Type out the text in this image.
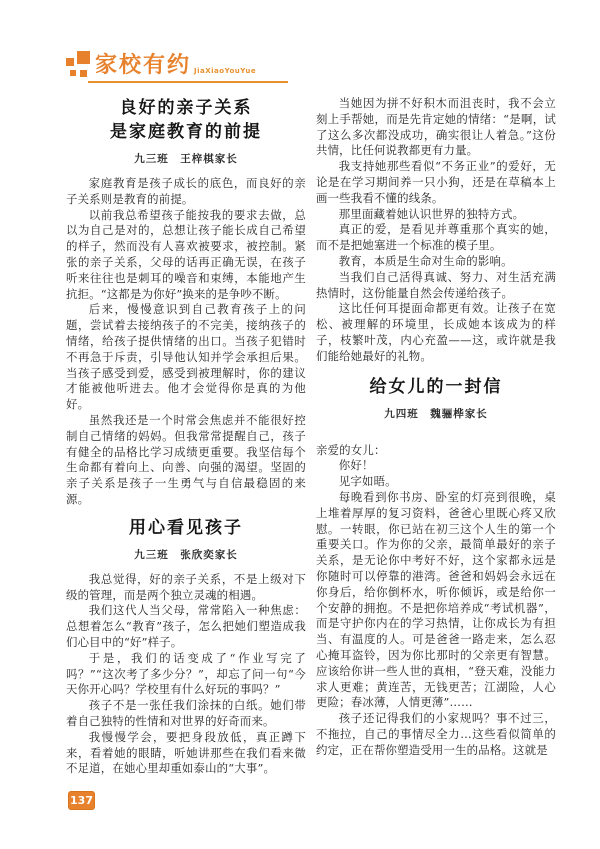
家校有约 JiaXiaoYouYue
良好的亲子关系
是家庭教育的前提
九三班　王梓棋家长

家庭教育是孩子成长的底色，而良好的亲子关系则是教育的前提。

以前我总希望孩子能按我的要求去做，总以为自己是对的，总想让孩子能长成自己希望的样子，然而没有人喜欢被要求，被控制。紧张的亲子关系，父母的话再正确无误，在孩子听来往往也是刺耳的噪音和束缚，本能地产生抗拒。“这都是为你好”换来的是争吵不断。

后来，慢慢意识到自己教育孩子上的问题，尝试着去接纳孩子的不完美，接纳孩子的情绪，给孩子提供情绪的出口。当孩子犯错时不再急于斥责，引导他认知并学会承担后果。当孩子感受到爱，感受到被理解时，你的建议才能被他听进去。他才会觉得你是真的为他好。

虽然我还是一个时常会焦虑并不能很好控制自己情绪的妈妈。但我常常提醒自己，孩子有健全的品格比学习成绩更重要。我坚信每个生命都有着向上、向善、向强的渴望。坚固的亲子关系是孩子一生勇气与自信最稳固的来源。

用心看见孩子
九三班　张欣奕家长

我总觉得，好的亲子关系，不是上级对下级的管理，而是两个独立灵魂的相遇。

我们这代人当父母，常常陷入一种焦虑：总想着怎么“教育”孩子，怎么把她们塑造成我们心目中的“好”样子。

于是，我们的话变成了“作业写完了吗？”“这次考了多少分？”，却忘了问一句“今天你开心吗？学校里有什么好玩的事吗？”

孩子不是一张任我们涂抹的白纸。她们带着自己独特的性情和对世界的好奇而来。

我慢慢学会，要把身段放低，真正蹲下来，看着她的眼睛，听她讲那些在我们看来微不足道，在她心里却重如泰山的“大事”。

当她因为拼不好积木而沮丧时，我不会立刻上手帮她，而是先肯定她的情绪：“是啊，试了这么多次都没成功，确实很让人着急。”这份共情，比任何说教都更有力量。

我支持她那些看似“不务正业”的爱好，无论是在学习期间养一只小狗，还是在草稿本上画一些我看不懂的线条。

那里面藏着她认识世界的独特方式。

真正的爱，是看见并尊重那个真实的她，而不是把她塞进一个标准的模子里。

教育，本质是生命对生命的影响。

当我们自己活得真诚、努力、对生活充满热情时，这份能量自然会传递给孩子。

这比任何耳提面命都更有效。让孩子在宽松、被理解的环境里，长成她本该成为的样子，枝繁叶茂，内心充盈——这，或许就是我们能给她最好的礼物。

给女儿的一封信
九四班　魏骊桦家长

亲爱的女儿：

你好！

见字如晤。

每晚看到你书房、卧室的灯亮到很晚，桌上堆着厚厚的复习资料，爸爸心里既心疼又欣慰。一转眼，你已站在初三这个人生的第一个重要关口。作为你的父亲，最简单最好的亲子关系，是无论你中考好不好，这个家都永远是你随时可以停靠的港湾。爸爸和妈妈会永远在你身后，给你倒杯水，听你倾诉，或是给你一个安静的拥抱。不是把你培养成“考试机器”，而是守护你内在的学习热情，让你成长为有担当、有温度的人。可是爸爸一路走来，怎么忍心掩耳盗铃，因为你比那时的父亲更有智慧。应该给你讲一些人世的真相，“登天难，没能力求人更难；黄连苦，无钱更苦；江湖险，人心更险；春冰薄，人情更薄”……

孩子还记得我们的小家规吗？事不过三，不拖拉，自己的事情尽全力…这些看似简单的约定，正在帮你塑造受用一生的品格。这就是

137
